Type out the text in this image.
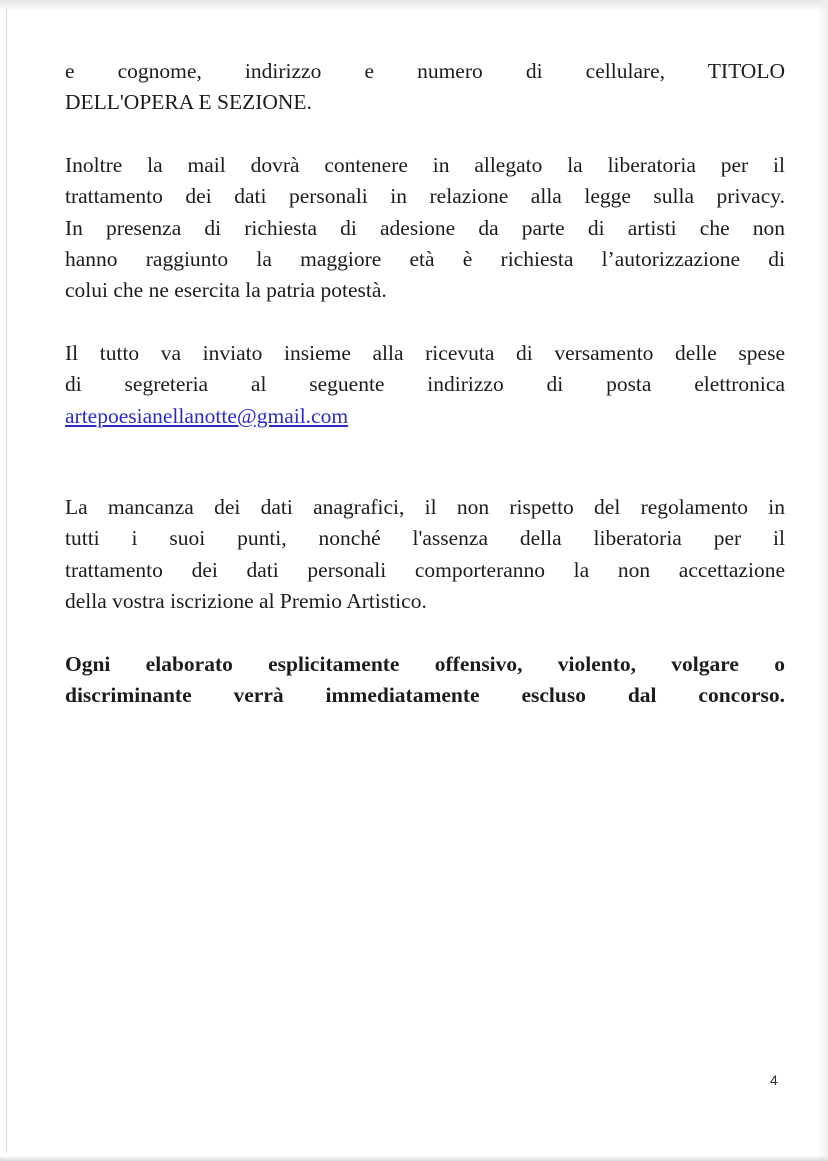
e cognome, indirizzo e numero di cellulare, TITOLO
DELL'OPERA E SEZIONE.
Inoltre la mail dovrà contenere in allegato la liberatoria per il
trattamento dei dati personali in relazione alla legge sulla privacy.
In presenza di richiesta di adesione da parte di artisti che non
hanno raggiunto la maggiore età è richiesta l’autorizzazione di
colui che ne esercita la patria potestà.
Il tutto va inviato insieme alla ricevuta di versamento delle spese
di segreteria al seguente indirizzo di posta elettronica
artepoesianellanotte@gmail.com
La mancanza dei dati anagrafici, il non rispetto del regolamento in
tutti i suoi punti, nonché l'assenza della liberatoria per il
trattamento dei dati personali comporteranno la non accettazione
della vostra iscrizione al Premio Artistico.
Ogni elaborato esplicitamente offensivo, violento, volgare o
discriminante verrà immediatamente escluso dal concorso.
4
